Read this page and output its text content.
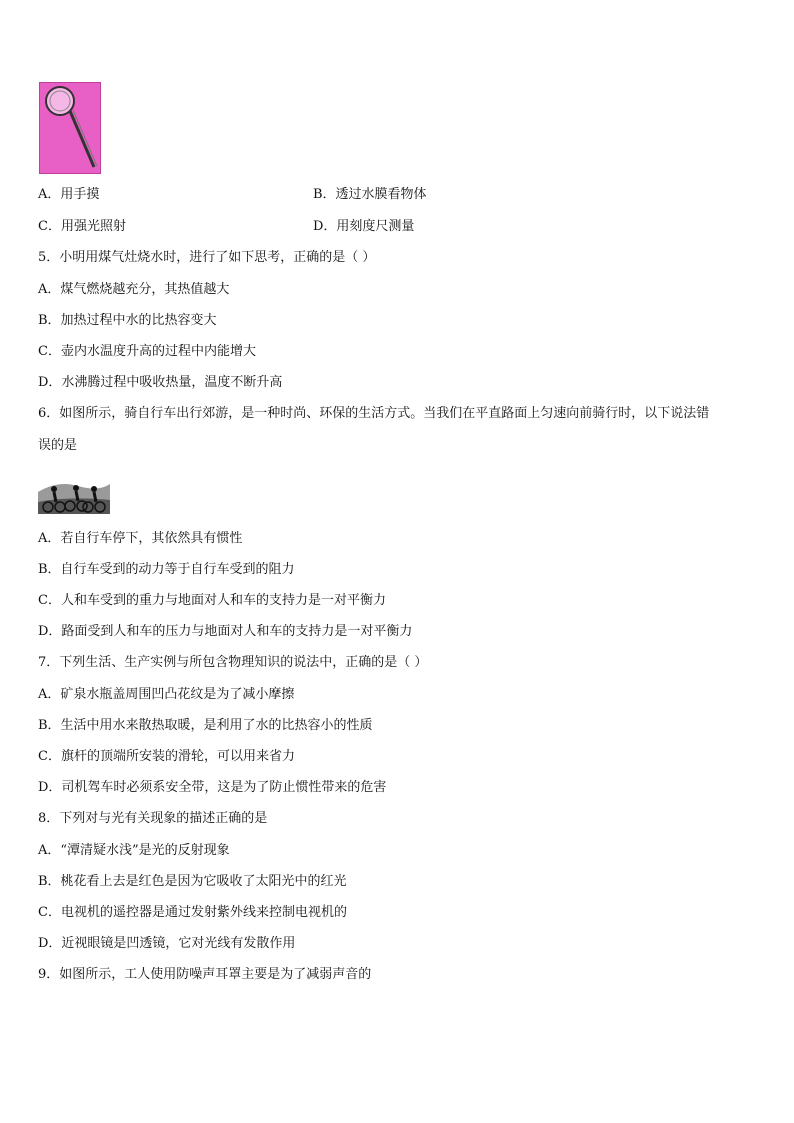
A．用手摸	B．透过水膜看物体
C．用强光照射	D．用刻度尺测量
5．小明用煤气灶烧水时，进行了如下思考，正确的是（ ）
A．煤气燃烧越充分，其热值越大
B．加热过程中水的比热容变大
C．壶内水温度升高的过程中内能增大
D．水沸腾过程中吸收热量，温度不断升高
6．如图所示，骑自行车出行郊游，是一种时尚、环保的生活方式。当我们在平直路面上匀速向前骑行时，以下说法错
误的是
A．若自行车停下，其依然具有惯性
B．自行车受到的动力等于自行车受到的阻力
C．人和车受到的重力与地面对人和车的支持力是一对平衡力
D．路面受到人和车的压力与地面对人和车的支持力是一对平衡力
7．下列生活、生产实例与所包含物理知识的说法中，正确的是（ ）
A．矿泉水瓶盖周围凹凸花纹是为了减小摩擦
B．生活中用水来散热取暖，是利用了水的比热容小的性质
C．旗杆的顶端所安装的滑轮，可以用来省力
D．司机驾车时必须系安全带，这是为了防止惯性带来的危害
8．下列对与光有关现象的描述正确的是
A．“潭清疑水浅”是光的反射现象
B．桃花看上去是红色是因为它吸收了太阳光中的红光
C．电视机的遥控器是通过发射紫外线来控制电视机的
D．近视眼镜是凹透镜，它对光线有发散作用
9．如图所示，工人使用防噪声耳罩主要是为了减弱声音的
